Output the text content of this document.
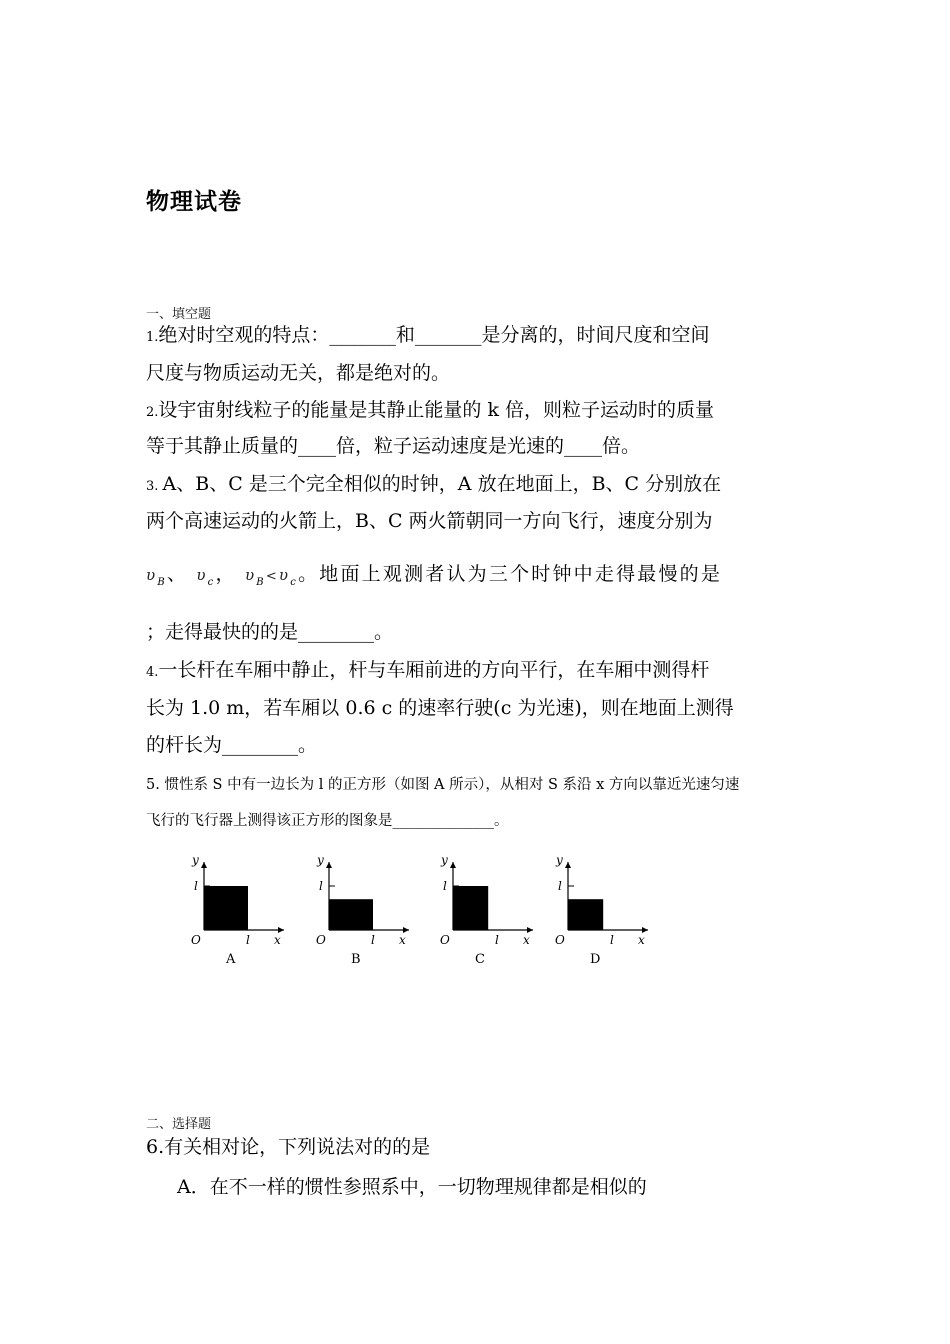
物理试卷
一、填空题
1.绝对时空观的特点：_______和_______是分离的，时间尺度和空间
尺度与物质运动无关，都是绝对的。
2.设宇宙射线粒子的能量是其静止能量的 k 倍，则粒子运动时的质量
等于其静止质量的____倍，粒子运动速度是光速的____倍。
3. A、B、C 是三个完全相似的时钟，A 放在地面上，B、C 分别放在
两个高速运动的火箭上，B、C 两火箭朝同一方向飞行，速度分别为
$\upsilon_B$、 $\upsilon_c$， $\upsilon_B<\upsilon_c$。地面上观测者认为三个时钟中走得最慢的是
；走得最快的的是________。
4.一长杆在车厢中静止，杆与车厢前进的方向平行，在车厢中测得杆
长为 1.0 m，若车厢以 0.6 c 的速率行驶(c 为光速)，则在地面上测得
的杆长为________。
5. 惯性系 S 中有一边长为 l 的正方形（如图 A 所示），从相对 S 系沿 x 方向以靠近光速匀速
飞行的飞行器上测得该正方形的图象是______________。
y
l
O	l x
A
y
l
O	l x
B
y
l
O	l x
C
y
l
O	l x
D
二、选择题
6.有关相对论，下列说法对的的是
A．在不一样的惯性参照系中，一切物理规律都是相似的
